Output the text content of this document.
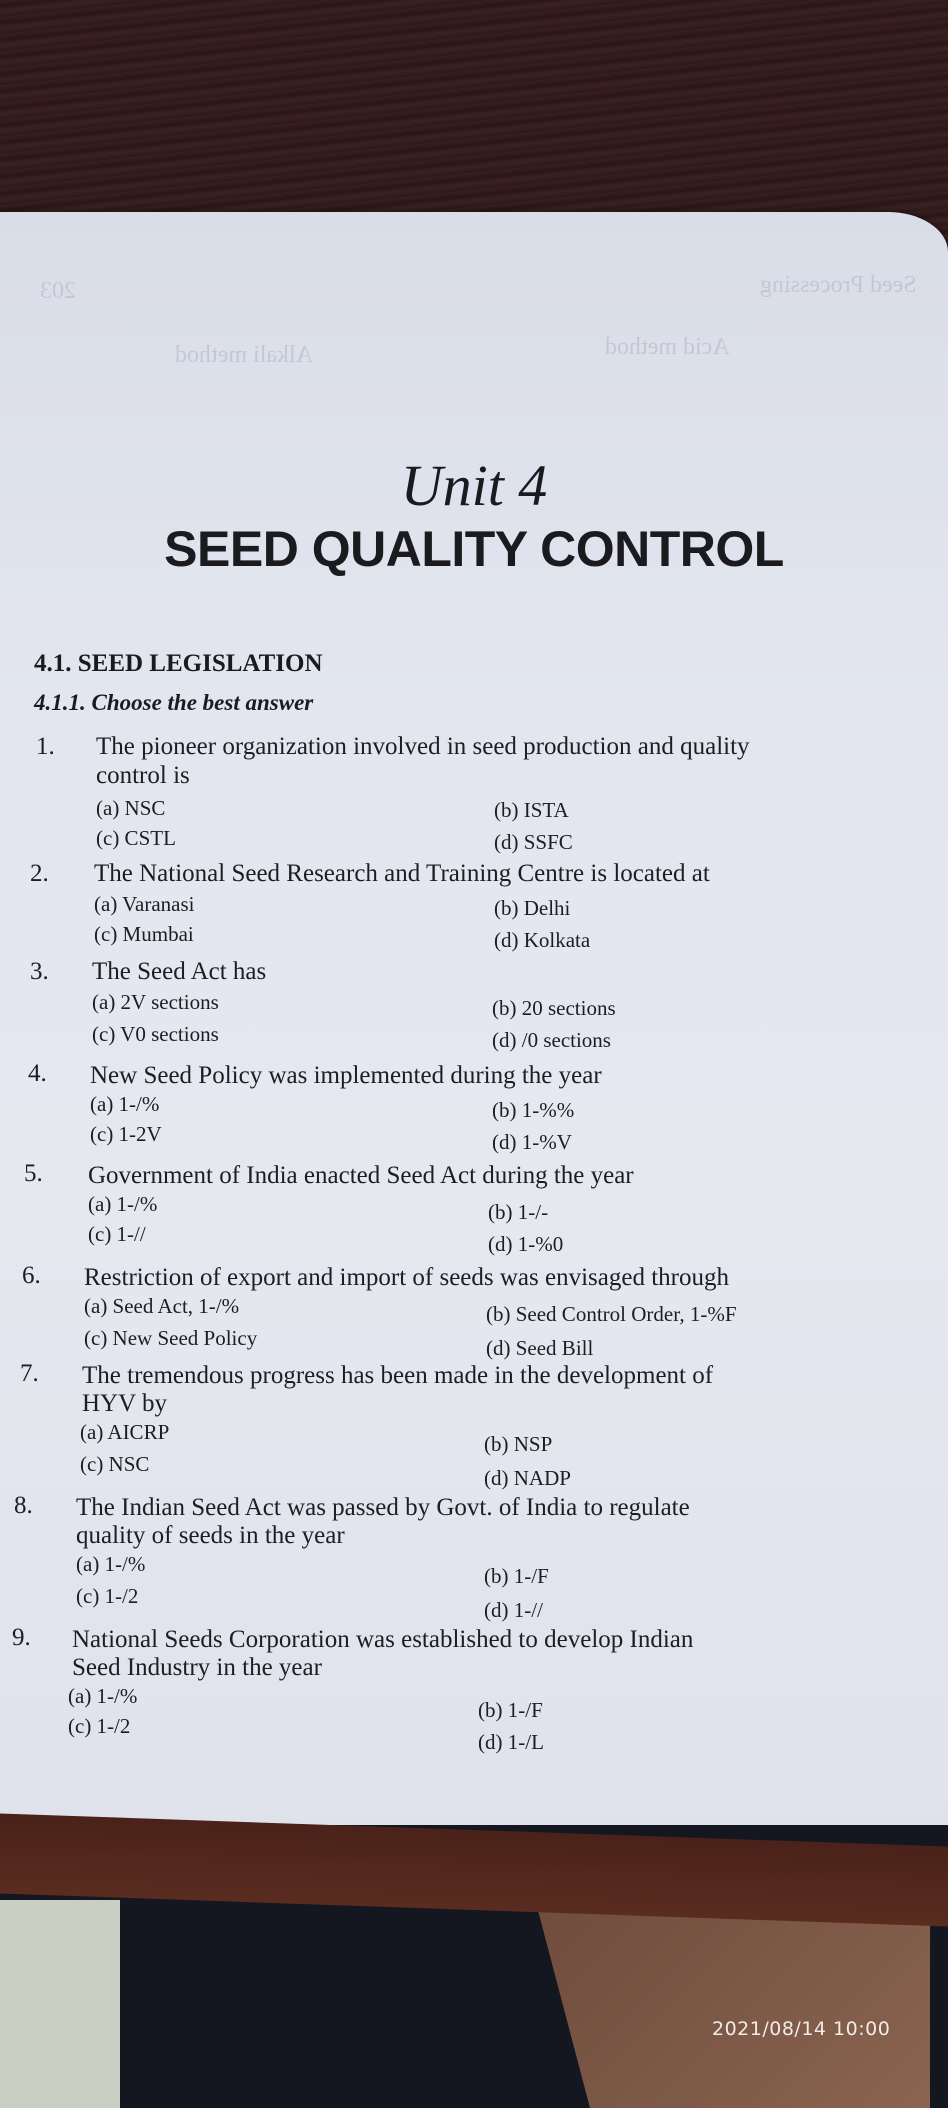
203	Seed Processing
Acid method
Alkali method
Unit 4
SEED QUALITY CONTROL
4.1. SEED LEGISLATION
4.1.1. Choose the best answer
1. The pioneer organization involved in seed production and quality
control is
(a) NSC	(b) ISTA
(c) CSTL	(d) SSFC
2. The National Seed Research and Training Centre is located at
(a) Varanasi	(b) Delhi
(c) Mumbai	(d) Kolkata
3. The Seed Act has
(a) 2V sections	(b) 20 sections
(c) V0 sections	(d) /0 sections
4. New Seed Policy was implemented during the year
(a) 1-/%	(b) 1-%%
(c) 1-2V	(d) 1-%V
5. Government of India enacted Seed Act during the year
(a) 1-/%	(b) 1-/-
(c) 1-//	(d) 1-%0
6. Restriction of export and import of seeds was envisaged through
(a) Seed Act, 1-/%	(b) Seed Control Order, 1-%F
(c) New Seed Policy	(d) Seed Bill
7. The tremendous progress has been made in the development of
HYV by
(a) AICRP	(b) NSP
(c) NSC
(d) NADP
8. The Indian Seed Act was passed by Govt. of India to regulate
quality of seeds in the year
(a) 1-/%	(b) 1-/F
(c) 1-/2
(d) 1-//
9. National Seeds Corporation was established to develop Indian
Seed Industry in the year
(a) 1-/%
(b) 1-/F
(c) 1-/2
(d) 1-/L
2021/08/14 10:00
